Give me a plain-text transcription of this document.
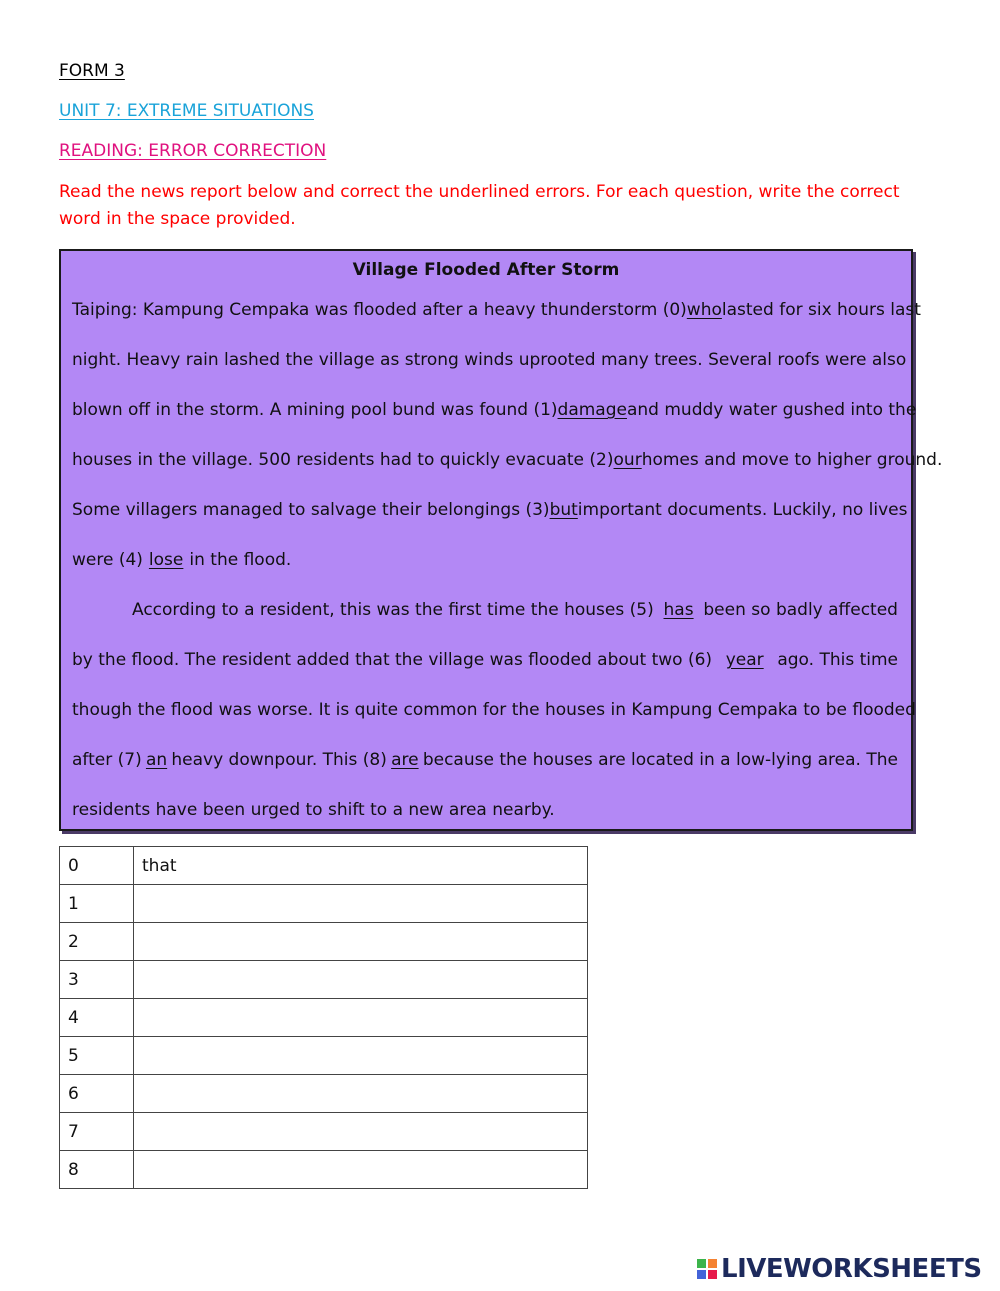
FORM 3
UNIT 7: EXTREME SITUATIONS
READING: ERROR CORRECTION
Read the news report below and correct the underlined errors. For each question, write the correct word in the space provided.
Village Flooded After Storm
Taiping: Kampung Cempaka was flooded after a heavy thunderstorm (0) who lasted for six hours last
night. Heavy rain lashed the village as strong winds uprooted many trees. Several roofs were also
blown off in the storm. A mining pool bund was found (1) damage and muddy water gushed into the
houses in the village. 500 residents had to quickly evacuate (2) our homes and move to higher ground.
Some villagers managed to salvage their belongings (3) but important documents. Luckily, no lives
were (4) lose in the flood.
According to a resident, this was the first time the houses (5) has been so badly affected
by the flood. The resident added that the village was flooded about two (6) year ago. This time
though the flood was worse. It is quite common for the houses in Kampung Cempaka to be flooded
after (7) an heavy downpour. This (8) are because the houses are located in a low-lying area. The
residents have been urged to shift to a new area nearby.
0	that
1	
2	
3	
4	
5	
6	
7	
8	
LIVEWORKSHEETS
